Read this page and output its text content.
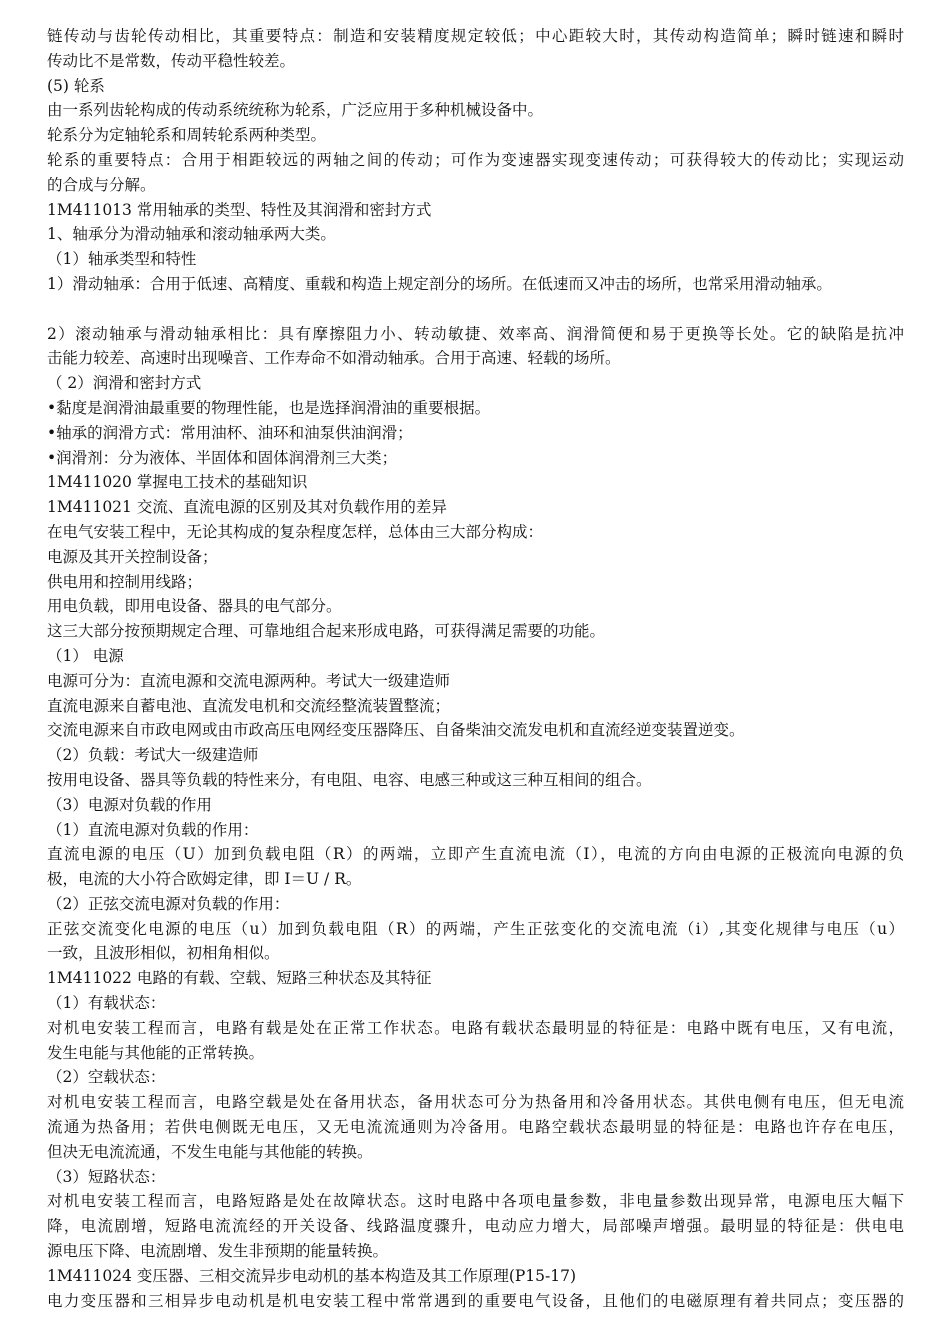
链传动与齿轮传动相比，其重要特点：制造和安装精度规定较低；中心距较大时，其传动构造简单；瞬时链速和瞬时
传动比不是常数，传动平稳性较差。
(5) 轮系
由一系列齿轮构成的传动系统统称为轮系，广泛应用于多种机械设备中。
轮系分为定轴轮系和周转轮系两种类型。
轮系的重要特点：合用于相距较远的两轴之间的传动；可作为变速器实现变速传动；可获得较大的传动比；实现运动
的合成与分解。
1M411013 常用轴承的类型、特性及其润滑和密封方式
1、轴承分为滑动轴承和滚动轴承两大类。
（1）轴承类型和特性
1）滑动轴承：合用于低速、高精度、重载和构造上规定剖分的场所。在低速而又冲击的场所，也常采用滑动轴承。
2）滚动轴承与滑动轴承相比：具有摩擦阻力小、转动敏捷、效率高、润滑简便和易于更换等长处。它的缺陷是抗冲
击能力较差、高速时出现噪音、工作寿命不如滑动轴承。合用于高速、轻载的场所。
（ 2）润滑和密封方式
•黏度是润滑油最重要的物理性能，也是选择润滑油的重要根据。
•轴承的润滑方式：常用油杯、油环和油泵供油润滑；
•润滑剂：分为液体、半固体和固体润滑剂三大类；
1M411020 掌握电工技术的基础知识
1M411021 交流、直流电源的区别及其对负载作用的差异
在电气安装工程中，无论其构成的复杂程度怎样，总体由三大部分构成：
电源及其开关控制设备；
供电用和控制用线路；
用电负载，即用电设备、器具的电气部分。
这三大部分按预期规定合理、可靠地组合起来形成电路，可获得满足需要的功能。
（1） 电源
电源可分为：直流电源和交流电源两种。考试大一级建造师
直流电源来自蓄电池、直流发电机和交流经整流装置整流；
交流电源来自市政电网或由市政高压电网经变压器降压、自备柴油交流发电机和直流经逆变装置逆变。
（2）负载：考试大一级建造师
按用电设备、器具等负载的特性来分，有电阻、电容、电感三种或这三种互相间的组合。
（3）电源对负载的作用
（1）直流电源对负载的作用：
直流电源的电压（U）加到负载电阻（R）的两端，立即产生直流电流（I），电流的方向由电源的正极流向电源的负
极，电流的大小符合欧姆定律，即 I＝U / R。
（2）正弦交流电源对负载的作用：
正弦交流变化电源的电压（u）加到负载电阻（R）的两端，产生正弦变化的交流电流（i）,其变化规律与电压（u）
一致，且波形相似，初相角相似。
1M411022 电路的有载、空载、短路三种状态及其特征
（1）有载状态：
对机电安装工程而言，电路有载是处在正常工作状态。电路有载状态最明显的特征是：电路中既有电压，又有电流，
发生电能与其他能的正常转换。
（2）空载状态：
对机电安装工程而言，电路空载是处在备用状态，备用状态可分为热备用和冷备用状态。其供电侧有电压，但无电流
流通为热备用；若供电侧既无电压，又无电流流通则为冷备用。电路空载状态最明显的特征是：电路也许存在电压，
但决无电流流通，不发生电能与其他能的转换。
（3）短路状态：
对机电安装工程而言，电路短路是处在故障状态。这时电路中各项电量参数，非电量参数出现异常，电源电压大幅下
降，电流剧增，短路电流流经的开关设备、线路温度骤升，电动应力增大，局部噪声增强。最明显的特征是：供电电
源电压下降、电流剧增、发生非预期的能量转换。
1M411024 变压器、三相交流异步电动机的基本构造及其工作原理(P15-17)
电力变压器和三相异步电动机是机电安装工程中常常遇到的重要电气设备，且他们的电磁原理有着共同点；变压器的
